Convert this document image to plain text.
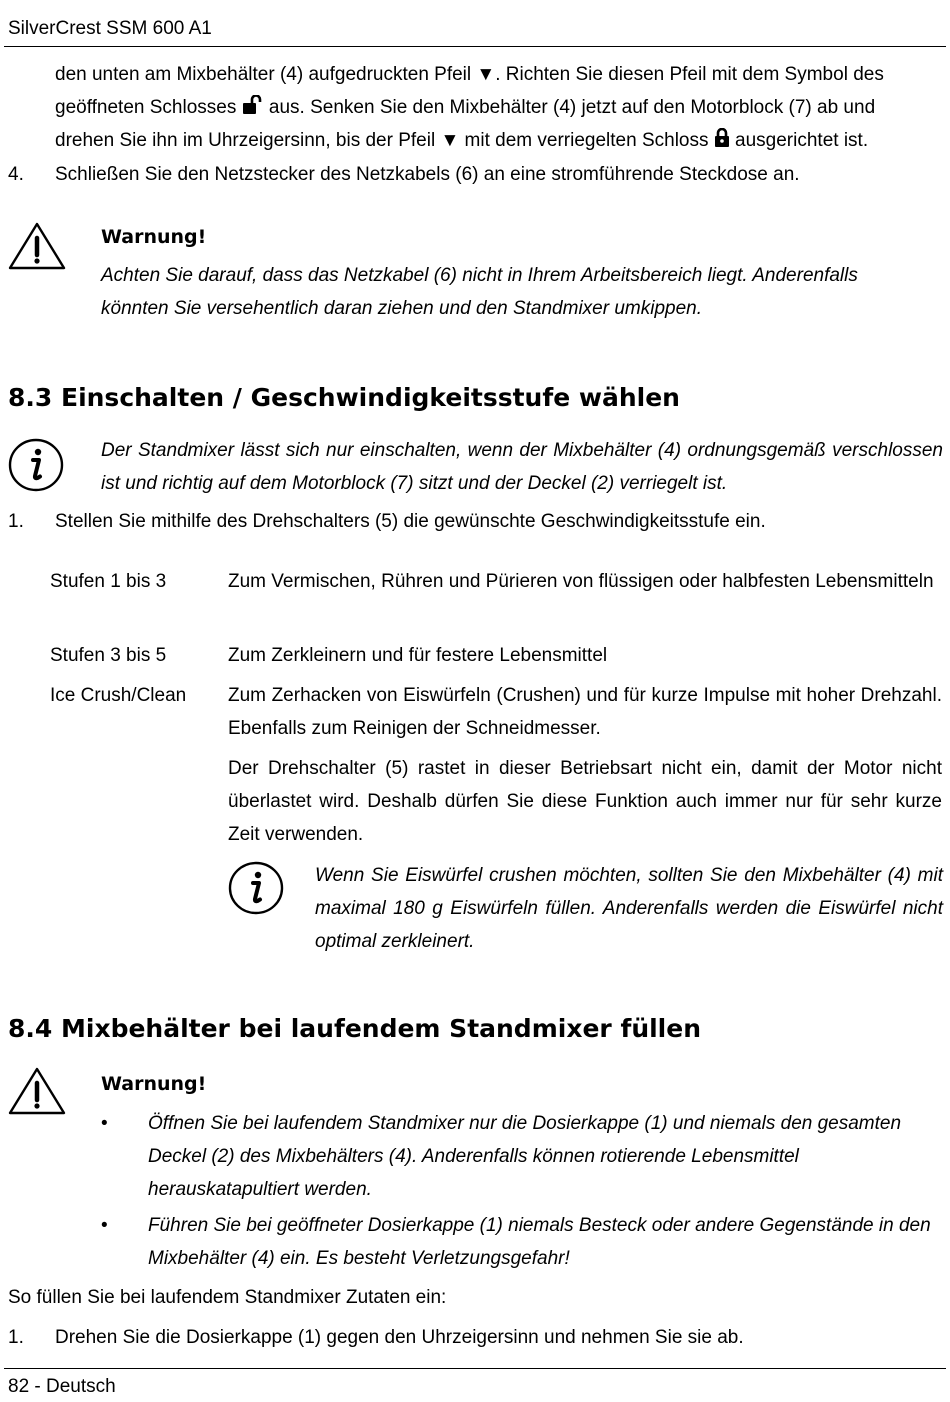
SilverCrest SSM 600 A1

den unten am Mixbehälter (4) aufgedruckten Pfeil ▼. Richten Sie diesen Pfeil mit dem Symbol des

geöffneten Schlosses  aus. Senken Sie den Mixbehälter (4) jetzt auf den Motorblock (7) ab und

drehen Sie ihn im Uhrzeigersinn, bis der Pfeil ▼ mit dem verriegelten Schloss  ausgerichtet ist.

4. Schließen Sie den Netzstecker des Netzkabels (6) an eine stromführende Steckdose an.
Warnung!

Achten Sie darauf, dass das Netzkabel (6) nicht in Ihrem Arbeitsbereich liegt. Anderenfalls könnten Sie versehentlich daran ziehen und den Standmixer umkippen.

8.3 Einschalten / Geschwindigkeitsstufe wählen

Der Standmixer lässt sich nur einschalten, wenn der Mixbehälter (4) ordnungsgemäß verschlossen ist und richtig auf dem Motorblock (7) sitzt und der Deckel (2) verriegelt ist.

1. Stellen Sie mithilfe des Drehschalters (5) die gewünschte Geschwindigkeitsstufe ein.
Stufen 1 bis 3	Zum Vermischen, Rühren und Pürieren von flüssigen oder halbfesten Lebensmitteln

Stufen 3 bis 5	Zum Zerkleinern und für festere Lebensmittel

Ice Crush/Clean Zum Zerhacken von Eiswürfeln (Crushen) und für kurze Impulse mit hoher Drehzahl. Ebenfalls zum Reinigen der Schneidmesser.

Der Drehschalter (5) rastet in dieser Betriebsart nicht ein, damit der Motor nicht überlastet wird. Deshalb dürfen Sie diese Funktion auch immer nur für sehr kurze Zeit verwenden.

Wenn Sie Eiswürfel crushen möchten, sollten Sie den Mixbehälter (4) mit maximal 180 g Eiswürfeln füllen. Anderenfalls werden die Eiswürfel nicht optimal zerkleinert.

8.4 Mixbehälter bei laufendem Standmixer füllen
Warnung!
• Öffnen Sie bei laufendem Standmixer nur die Dosierkappe (1) und niemals den gesamten Deckel (2) des Mixbehälters (4). Anderenfalls können rotierende Lebensmittel herauskatapultiert werden.

• Führen Sie bei geöffneter Dosierkappe (1) niemals Besteck oder andere Gegenstände in den Mixbehälter (4) ein. Es besteht Verletzungsgefahr!

So füllen Sie bei laufendem Standmixer Zutaten ein:

1. Drehen Sie die Dosierkappe (1) gegen den Uhrzeigersinn und nehmen Sie sie ab.
82 - Deutsch
